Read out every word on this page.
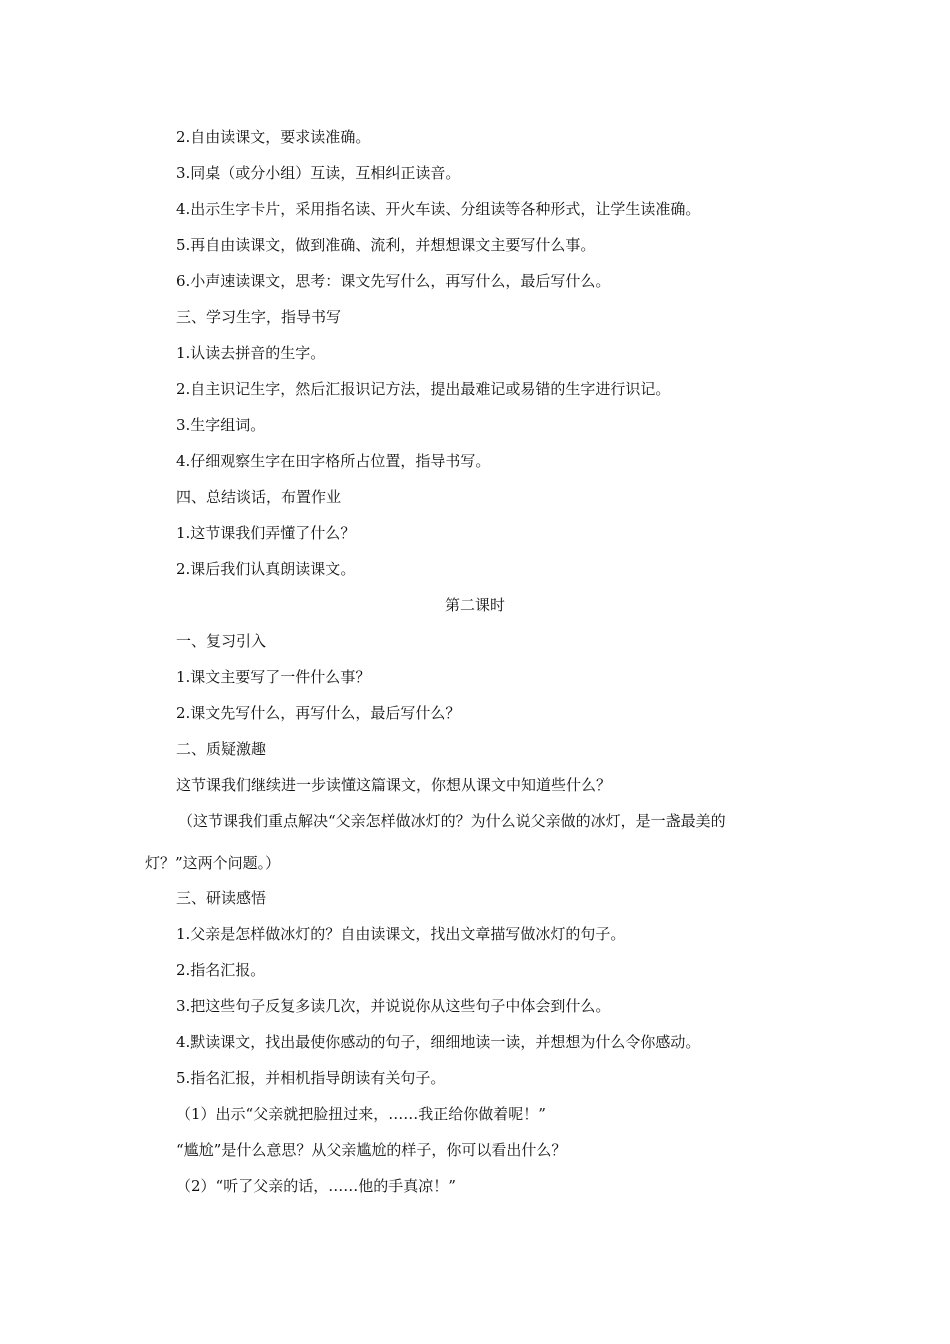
2.自由读课文，要求读准确。
3.同桌（或分小组）互读，互相纠正读音。
4.出示生字卡片，采用指名读、开火车读、分组读等各种形式，让学生读准确。
5.再自由读课文，做到准确、流利，并想想课文主要写什么事。
6.小声速读课文，思考：课文先写什么，再写什么，最后写什么。
三、学习生字，指导书写
1.认读去拼音的生字。
2.自主识记生字，然后汇报识记方法，提出最难记或易错的生字进行识记。
3.生字组词。
4.仔细观察生字在田字格所占位置，指导书写。
四、总结谈话，布置作业
1.这节课我们弄懂了什么？
2.课后我们认真朗读课文。
第二课时
一、复习引入
1.课文主要写了一件什么事？
2.课文先写什么，再写什么，最后写什么？
二、质疑激趣
这节课我们继续进一步读懂这篇课文，你想从课文中知道些什么？
（这节课我们重点解决“父亲怎样做冰灯的？为什么说父亲做的冰灯，是一盏最美的
灯？”这两个问题。）
三、研读感悟
1.父亲是怎样做冰灯的？自由读课文，找出文章描写做冰灯的句子。
2.指名汇报。
3.把这些句子反复多读几次，并说说你从这些句子中体会到什么。
4.默读课文，找出最使你感动的句子，细细地读一读，并想想为什么令你感动。
5.指名汇报，并相机指导朗读有关句子。
（1）出示“父亲就把脸扭过来，……我正给你做着呢！”
“尴尬”是什么意思？从父亲尴尬的样子，你可以看出什么？
（2）“听了父亲的话，……他的手真凉！”
